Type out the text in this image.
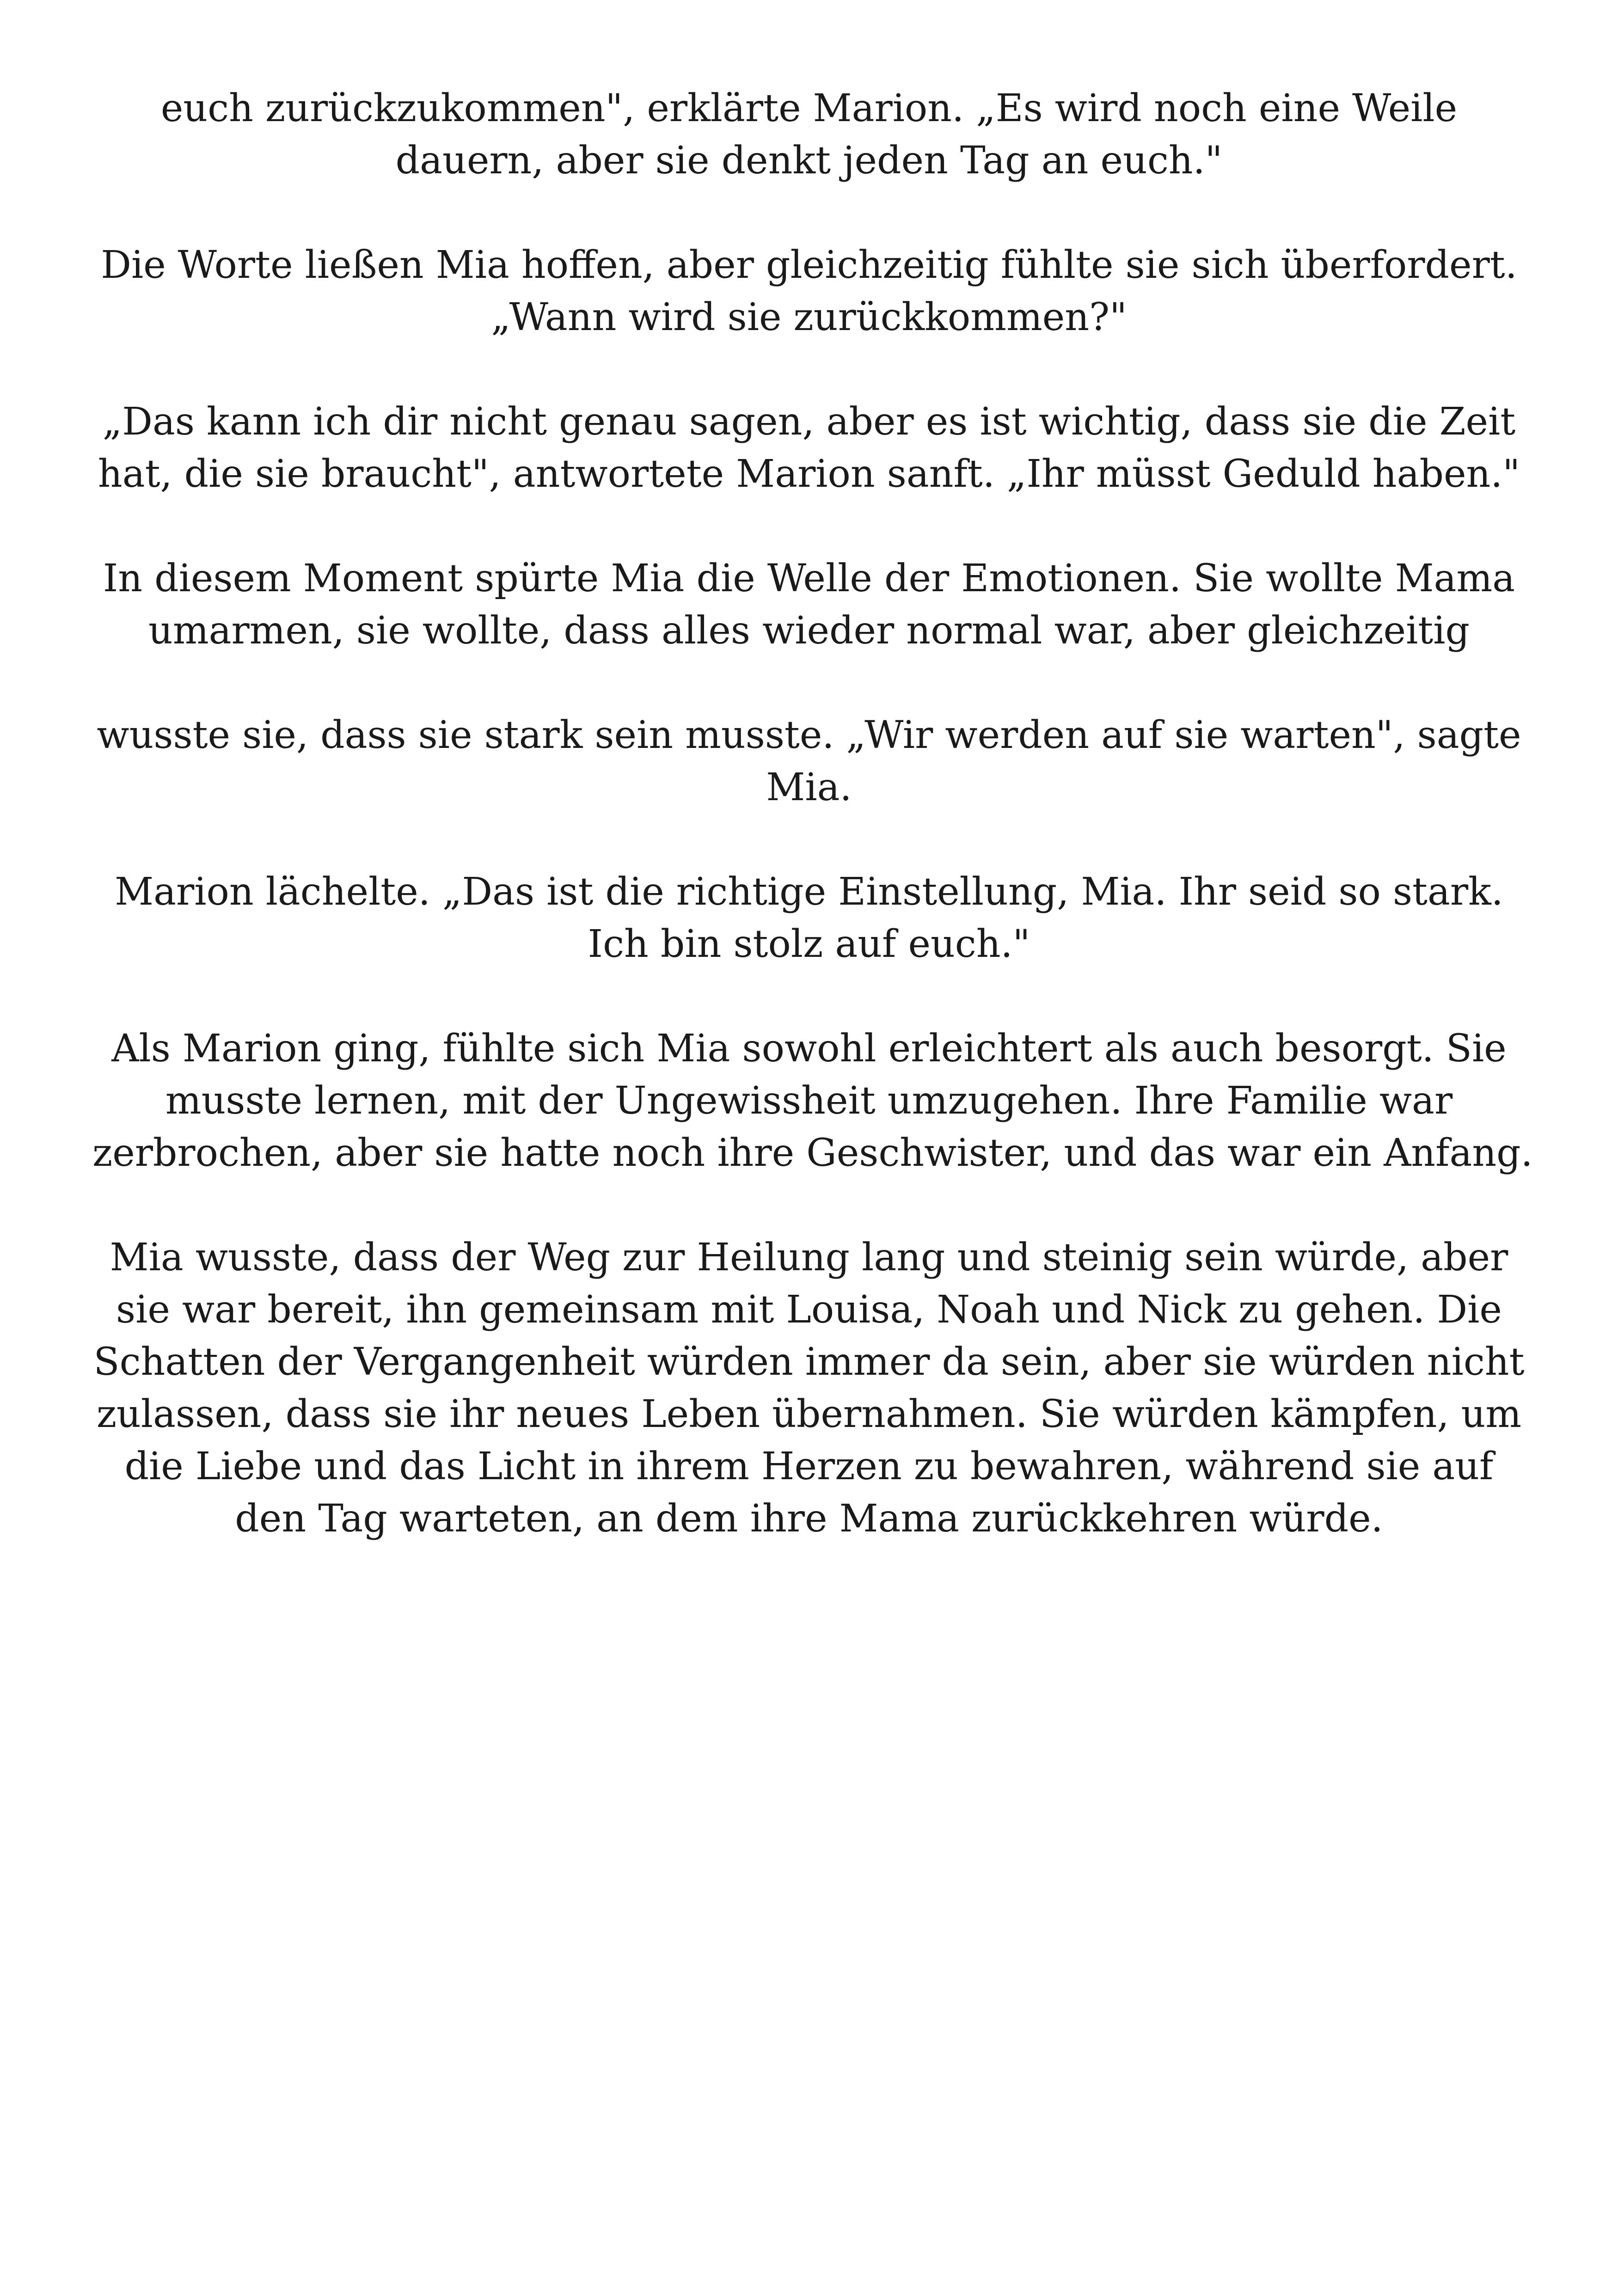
euch zurückzukommen", erklärte Marion. „Es wird noch eine Weile
dauern, aber sie denkt jeden Tag an euch."

Die Worte ließen Mia hoffen, aber gleichzeitig fühlte sie sich überfordert.
„Wann wird sie zurückkommen?"

„Das kann ich dir nicht genau sagen, aber es ist wichtig, dass sie die Zeit
hat, die sie braucht", antwortete Marion sanft. „Ihr müsst Geduld haben."

In diesem Moment spürte Mia die Welle der Emotionen. Sie wollte Mama
umarmen, sie wollte, dass alles wieder normal war, aber gleichzeitig

wusste sie, dass sie stark sein musste. „Wir werden auf sie warten", sagte
Mia.

Marion lächelte. „Das ist die richtige Einstellung, Mia. Ihr seid so stark.
Ich bin stolz auf euch."

Als Marion ging, fühlte sich Mia sowohl erleichtert als auch besorgt. Sie
musste lernen, mit der Ungewissheit umzugehen. Ihre Familie war
zerbrochen, aber sie hatte noch ihre Geschwister, und das war ein Anfang.

Mia wusste, dass der Weg zur Heilung lang und steinig sein würde, aber
sie war bereit, ihn gemeinsam mit Louisa, Noah und Nick zu gehen. Die
Schatten der Vergangenheit würden immer da sein, aber sie würden nicht
zulassen, dass sie ihr neues Leben übernahmen. Sie würden kämpfen, um
die Liebe und das Licht in ihrem Herzen zu bewahren, während sie auf
den Tag warteten, an dem ihre Mama zurückkehren würde.
